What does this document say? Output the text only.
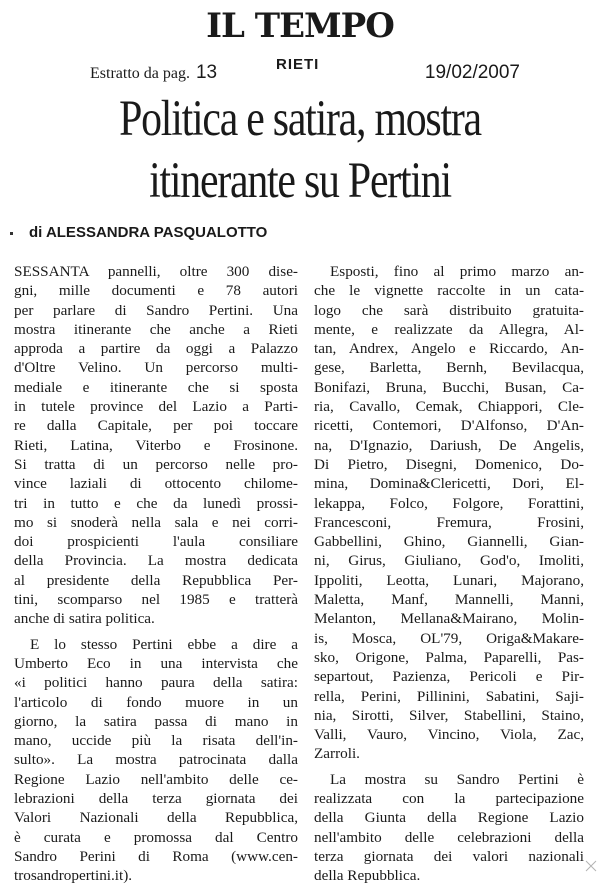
IL TEMPO
Estratto da pag. 13	RIETI	19/02/2007
Politica e satira, mostra
itinerante su Pertini
di ALESSANDRA PASQUALOTTO

SESSANTA pannelli, oltre 300 dise-
gni, mille documenti e 78 autori
per parlare di Sandro Pertini. Una
mostra itinerante che anche a Rieti
approda a partire da oggi a Palazzo
d'Oltre Velino. Un percorso multi-
mediale e itinerante che si sposta
in tutele province del Lazio a Parti-
re dalla Capitale, per poi toccare
Rieti, Latina, Viterbo e Frosinone.
Si tratta di un percorso nelle pro-
vince laziali di ottocento chilome-
tri in tutto e che da lunedì prossi-
mo si snoderà nella sala e nei corri-
doi prospicienti l'aula consiliare
della Provincia. La mostra dedicata
al presidente della Repubblica Per-
tini, scomparso nel 1985 e tratterà
anche di satira politica.

E lo stesso Pertini ebbe a dire a
Umberto Eco in una intervista che
«i politici hanno paura della satira:
l'articolo di fondo muore in un
giorno, la satira passa di mano in
mano, uccide più la risata dell'in-
sulto». La mostra patrocinata dalla
Regione Lazio nell'ambito delle ce-
lebrazioni della terza giornata dei
Valori Nazionali della Repubblica,
è curata e promossa dal Centro
Sandro Perini di Roma (www.cen-
trosandropertini.it).

Esposti, fino al primo marzo an-
che le vignette raccolte in un cata-
logo che sarà distribuito gratuita-
mente, e realizzate da Allegra, Al-
tan, Andrex, Angelo e Riccardo, An-
gese, Barletta, Bernh, Bevilacqua,
Bonifazi, Bruna, Bucchi, Busan, Ca-
ria, Cavallo, Cemak, Chiappori, Cle-
ricetti, Contemori, D'Alfonso, D'An-
na, D'Ignazio, Dariush, De Angelis,
Di Pietro, Disegni, Domenico, Do-
mina, Domina&Clericetti, Dori, El-
lekappa, Folco, Folgore, Forattini,
Francesconi, Fremura, Frosini,
Gabbellini, Ghino, Giannelli, Gian-
ni, Girus, Giuliano, God'o, Imoliti,
Ippoliti, Leotta, Lunari, Majorano,
Maletta, Manf, Mannelli, Manni,
Melanton, Mellana&Mairano, Molin-
is, Mosca, OL'79, Origa&Makare-
sko, Origone, Palma, Paparelli, Pas-
separtout, Pazienza, Pericoli e Pir-
rella, Perini, Pillinini, Sabatini, Saji-
nia, Sirotti, Silver, Stabellini, Staino,
Valli, Vauro, Vincino, Viola, Zac,
Zarroli.

La mostra su Sandro Pertini è
realizzata con la partecipazione
della Giunta della Regione Lazio
nell'ambito delle celebrazioni della
terza giornata dei valori nazionali
della Repubblica.
